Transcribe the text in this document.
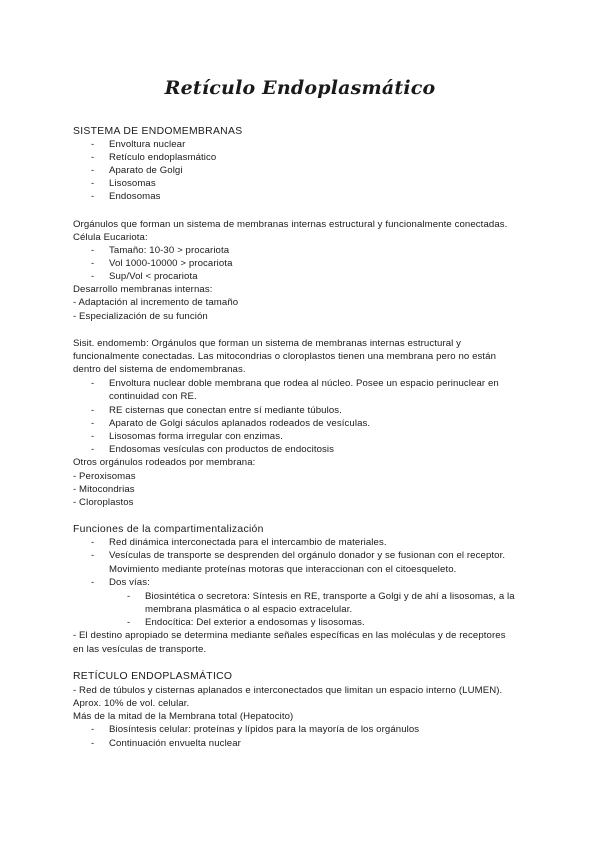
Retículo Endoplasmático
SISTEMA DE ENDOMEMBRANAS
- Envoltura nuclear
- Retículo endoplasmático
- Aparato de Golgi
- Lisosomas
- Endosomas
Orgánulos que forman un sistema de membranas internas estructural y funcionalmente conectadas.
Célula Eucariota:
- Tamaño: 10-30 > procariota
- Vol 1000-10000 > procariota
- Sup/Vol < procariota
Desarrollo membranas internas:
- Adaptación al incremento de tamaño
- Especialización de su función
Sisit. endomemb: Orgánulos que forman un sistema de membranas internas estructural y
funcionalmente conectadas. Las mitocondrias o cloroplastos tienen una membrana pero no están
dentro del sistema de endomembranas.
- Envoltura nuclear doble membrana que rodea al núcleo. Posee un espacio perinuclear en
continuidad con RE.
- RE cisternas que conectan entre sí mediante túbulos.
- Aparato de Golgi sáculos aplanados rodeados de vesículas.
- Lisosomas forma irregular con enzimas.
- Endosomas vesículas con productos de endocitosis
Otros orgánulos rodeados por membrana:
- Peroxisomas
- Mitocondrias
- Cloroplastos
Funciones de la compartimentalización
- Red dinámica interconectada para el intercambio de materiales.
- Vesículas de transporte se desprenden del orgánulo donador y se fusionan con el receptor.
Movimiento mediante proteínas motoras que interaccionan con el citoesqueleto.
- Dos vías:
- Biosintética o secretora: Síntesis en RE, transporte a Golgi y de ahí a lisosomas, a la
membrana plasmática o al espacio extracelular.
- Endocítica: Del exterior a endosomas y lisosomas.
- El destino apropiado se determina mediante señales específicas en las moléculas y de receptores
en las vesículas de transporte.
RETÍCULO ENDOPLASMÁTICO
- Red de túbulos y cisternas aplanados e interconectados que limitan un espacio interno (LUMEN).
Aprox. 10% de vol. celular.
Más de la mitad de la Membrana total (Hepatocito)
- Biosíntesis celular: proteínas y lípidos para la mayoría de los orgánulos
- Continuación envuelta nuclear
